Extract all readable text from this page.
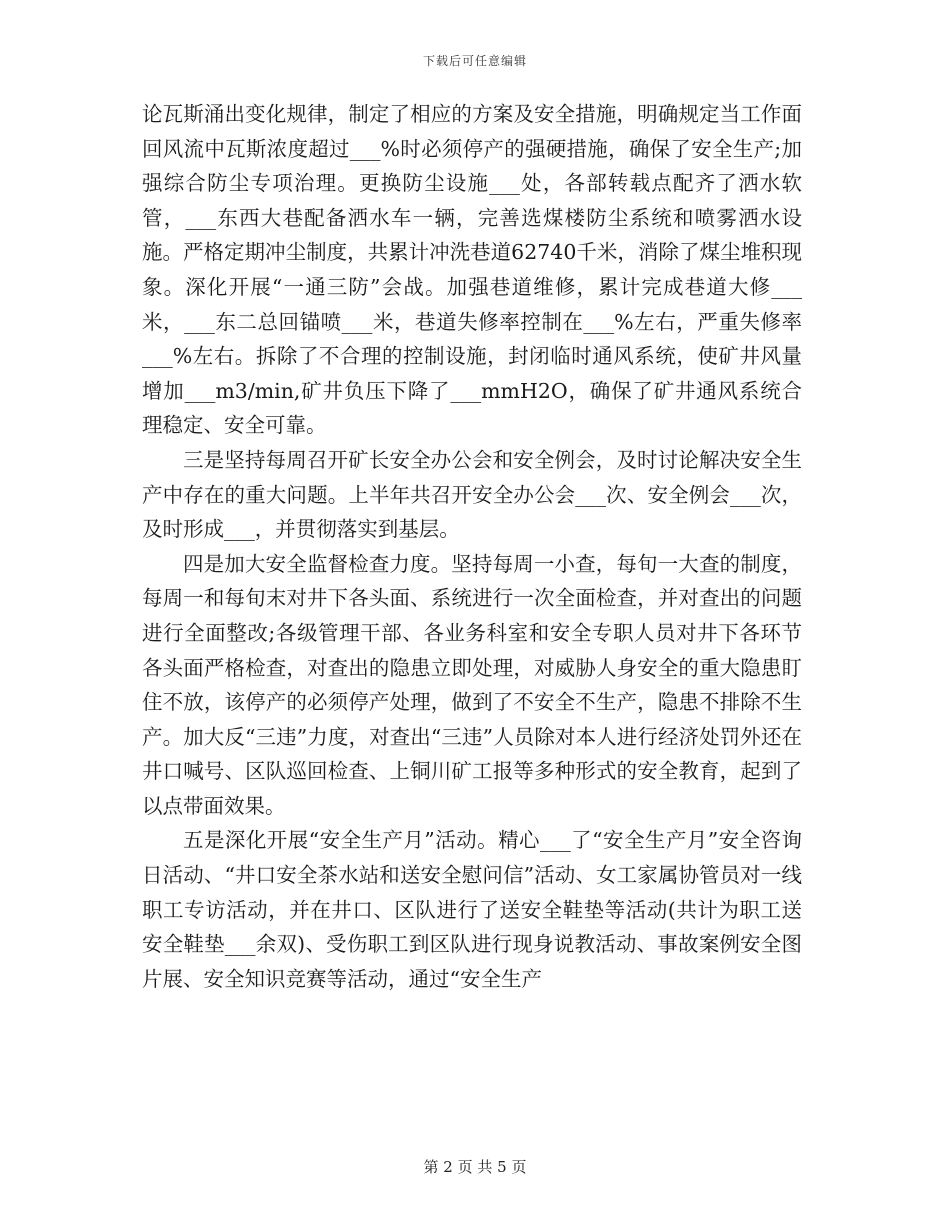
下载后可任意编辑

论瓦斯涌出变化规律，制定了相应的方案及安全措施，明确规定当工作面回风流中瓦斯浓度超过___%时必须停产的强硬措施，确保了安全生产;加强综合防尘专项治理。更换防尘设施___处，各部转载点配齐了洒水软管，___东西大巷配备洒水车一辆，完善选煤楼防尘系统和喷雾洒水设施。严格定期冲尘制度，共累计冲洗巷道62740千米，消除了煤尘堆积现象。深化开展“一通三防”会战。加强巷道维修，累计完成巷道大修___米，___东二总回锚喷___米，巷道失修率控制在___%左右，严重失修率___%左右。拆除了不合理的控制设施，封闭临时通风系统，使矿井风量增加___m3/min,矿井负压下降了___mmH2O，确保了矿井通风系统合理稳定、安全可靠。

三是坚持每周召开矿长安全办公会和安全例会，及时讨论解决安全生产中存在的重大问题。上半年共召开安全办公会___次、安全例会___次，及时形成___，并贯彻落实到基层。

四是加大安全监督检查力度。坚持每周一小查，每旬一大查的制度，每周一和每旬末对井下各头面、系统进行一次全面检查，并对查出的问题进行全面整改;各级管理干部、各业务科室和安全专职人员对井下各环节各头面严格检查，对查出的隐患立即处理，对威胁人身安全的重大隐患盯住不放，该停产的必须停产处理，做到了不安全不生产，隐患不排除不生产。加大反“三违”力度，对查出“三违”人员除对本人进行经济处罚外还在井口喊号、区队巡回检查、上铜川矿工报等多种形式的安全教育，起到了以点带面效果。

五是深化开展“安全生产月”活动。精心___了“安全生产月”安全咨询日活动、“井口安全茶水站和送安全慰问信”活动、女工家属协管员对一线职工专访活动，并在井口、区队进行了送安全鞋垫等活动(共计为职工送安全鞋垫___余双)、受伤职工到区队进行现身说教活动、事故案例安全图片展、安全知识竞赛等活动，通过“安全生产

第 2 页 共 5 页
